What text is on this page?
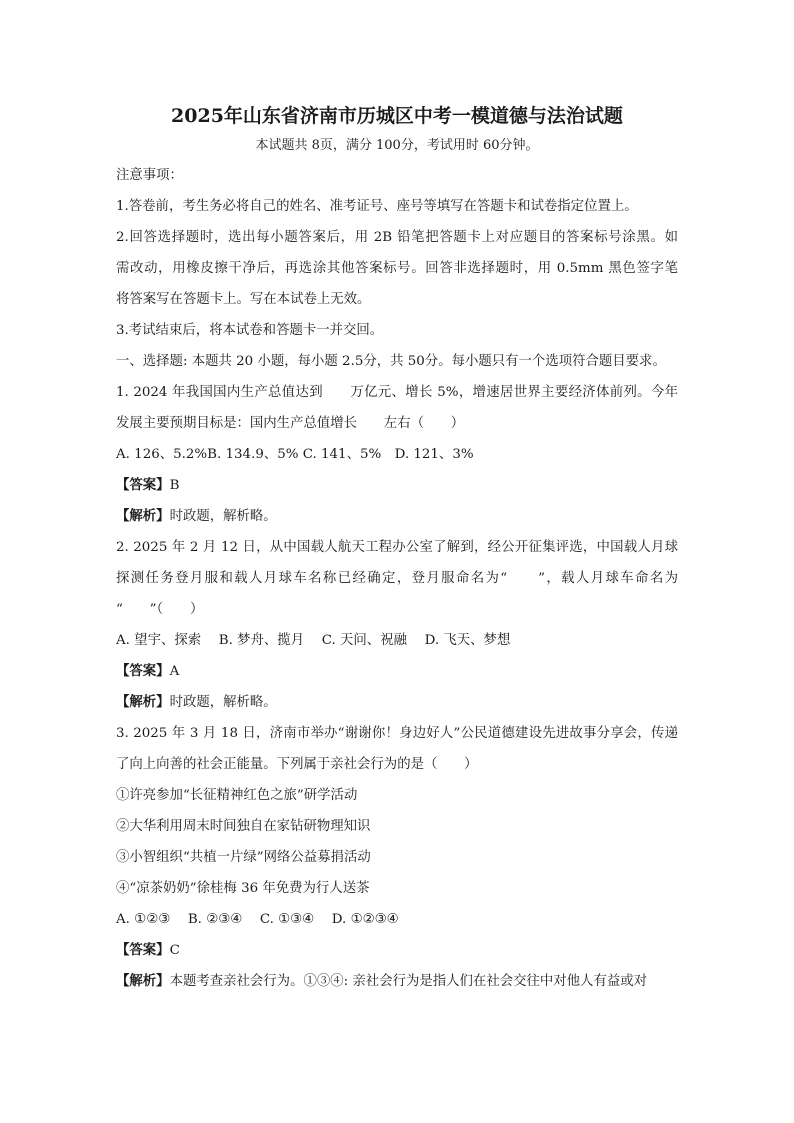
2025年山东省济南市历城区中考一模道德与法治试题

本试题共 8页，满分 100分，考试用时 60分钟。

注意事项：

1.答卷前，考生务必将自己的姓名、准考证号、座号等填写在答题卡和试卷指定位置上。

2.回答选择题时，选出每小题答案后，用 2B 铅笔把答题卡上对应题目的答案标号涂黑。如

需改动，用橡皮擦干净后，再选涂其他答案标号。回答非选择题时，用 0.5mm 黑色签字笔

将答案写在答题卡上。写在本试卷上无效。

3.考试结束后，将本试卷和答题卡一并交回。

一、选择题: 本题共 20 小题，每小题 2.5分，共 50分。每小题只有一个选项符合题目要求。

1. 2024 年我国国内生产总值达到　　万亿元、增长 5%，增速居世界主要经济体前列。今年

发展主要预期目标是：国内生产总值增长　　左右（　　）

A. 126、5.2%B. 134.9、5% C. 141、5%　D. 121、3%

【答案】B

【解析】时政题，解析略。

2. 2025 年 2 月 12 日，从中国载人航天工程办公室了解到，经公开征集评选，中国载人月球

探测任务登月服和载人月球车名称已经确定，登月服命名为“　　”，载人月球车命名为

“　　”（　　）

A. 望宇、探索　 B. 梦舟、揽月　 C. 天问、祝融　 D. 飞天、梦想

【答案】A

【解析】时政题，解析略。

3. 2025 年 3 月 18 日，济南市举办“谢谢你！身边好人”公民道德建设先进故事分享会，传递

了向上向善的社会正能量。下列属于亲社会行为的是（　　）

①许亮参加“长征精神红色之旅”研学活动

②大华利用周末时间独自在家钻研物理知识

③小智组织“共植一片绿”网络公益募捐活动

④“凉茶奶奶”徐桂梅 36 年免费为行人送茶

A. ①②③　 B. ②③④　 C. ①③④　 D. ①②③④

【答案】C

【解析】本题考查亲社会行为。①③④: 亲社会行为是指人们在社会交往中对他人有益或对
